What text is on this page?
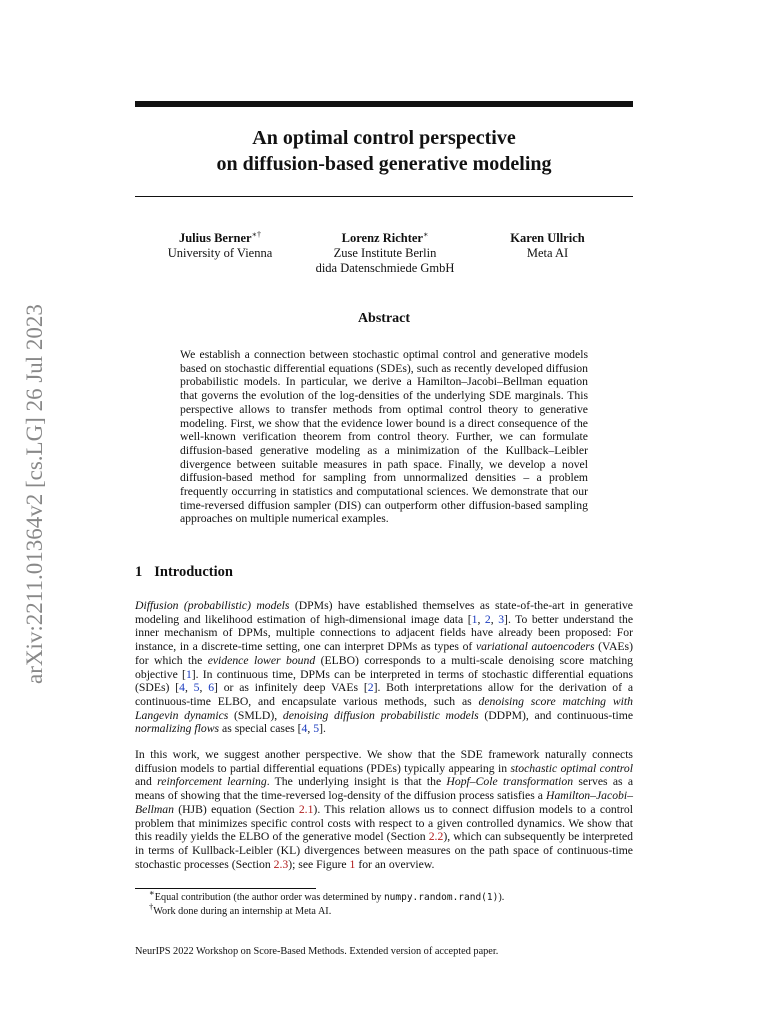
arXiv:2211.01364v2 [cs.LG] 26 Jul 2023
An optimal control perspective
on diffusion-based generative modeling
Julius Berner∗†
University of Vienna
Lorenz Richter∗
Zuse Institute Berlin
dida Datenschmiede GmbH
Karen Ullrich
Meta AI
Abstract
We establish a connection between stochastic optimal control and generative models based on stochastic differential equations (SDEs), such as recently developed diffusion probabilistic models. In particular, we derive a Hamilton–Jacobi–Bellman equation that governs the evolution of the log-densities of the underlying SDE marginals. This perspective allows to transfer methods from optimal control theory to generative modeling. First, we show that the evidence lower bound is a direct consequence of the well-known verification theorem from control theory. Further, we can formulate diffusion-based generative modeling as a minimization of the Kullback–Leibler divergence between suitable measures in path space. Finally, we develop a novel diffusion-based method for sampling from unnormalized densities – a problem frequently occurring in statistics and computational sciences. We demonstrate that our time-reversed diffusion sampler (DIS) can outperform other diffusion-based sampling approaches on multiple numerical examples.
1 Introduction
Diffusion (probabilistic) models (DPMs) have established themselves as state-of-the-art in generative modeling and likelihood estimation of high-dimensional image data [1, 2, 3]. To better understand the inner mechanism of DPMs, multiple connections to adjacent fields have already been proposed: For instance, in a discrete-time setting, one can interpret DPMs as types of variational autoencoders (VAEs) for which the evidence lower bound (ELBO) corresponds to a multi-scale denoising score matching objective [1]. In continuous time, DPMs can be interpreted in terms of stochastic differential equations (SDEs) [4, 5, 6] or as infinitely deep VAEs [2]. Both interpretations allow for the derivation of a continuous-time ELBO, and encapsulate various methods, such as denoising score matching with Langevin dynamics (SMLD), denoising diffusion probabilistic models (DDPM), and continuous-time normalizing flows as special cases [4, 5].
In this work, we suggest another perspective. We show that the SDE framework naturally connects diffusion models to partial differential equations (PDEs) typically appearing in stochastic optimal control and reinforcement learning. The underlying insight is that the Hopf–Cole transformation serves as a means of showing that the time-reversed log-density of the diffusion process satisfies a Hamilton–Jacobi–Bellman (HJB) equation (Section 2.1). This relation allows us to connect diffusion models to a control problem that minimizes specific control costs with respect to a given controlled dynamics. We show that this readily yields the ELBO of the generative model (Section 2.2), which can subsequently be interpreted in terms of Kullback-Leibler (KL) divergences between measures on the path space of continuous-time stochastic processes (Section 2.3); see Figure 1 for an overview.
∗Equal contribution (the author order was determined by numpy.random.rand(1)).
†Work done during an internship at Meta AI.
NeurIPS 2022 Workshop on Score-Based Methods. Extended version of accepted paper.
